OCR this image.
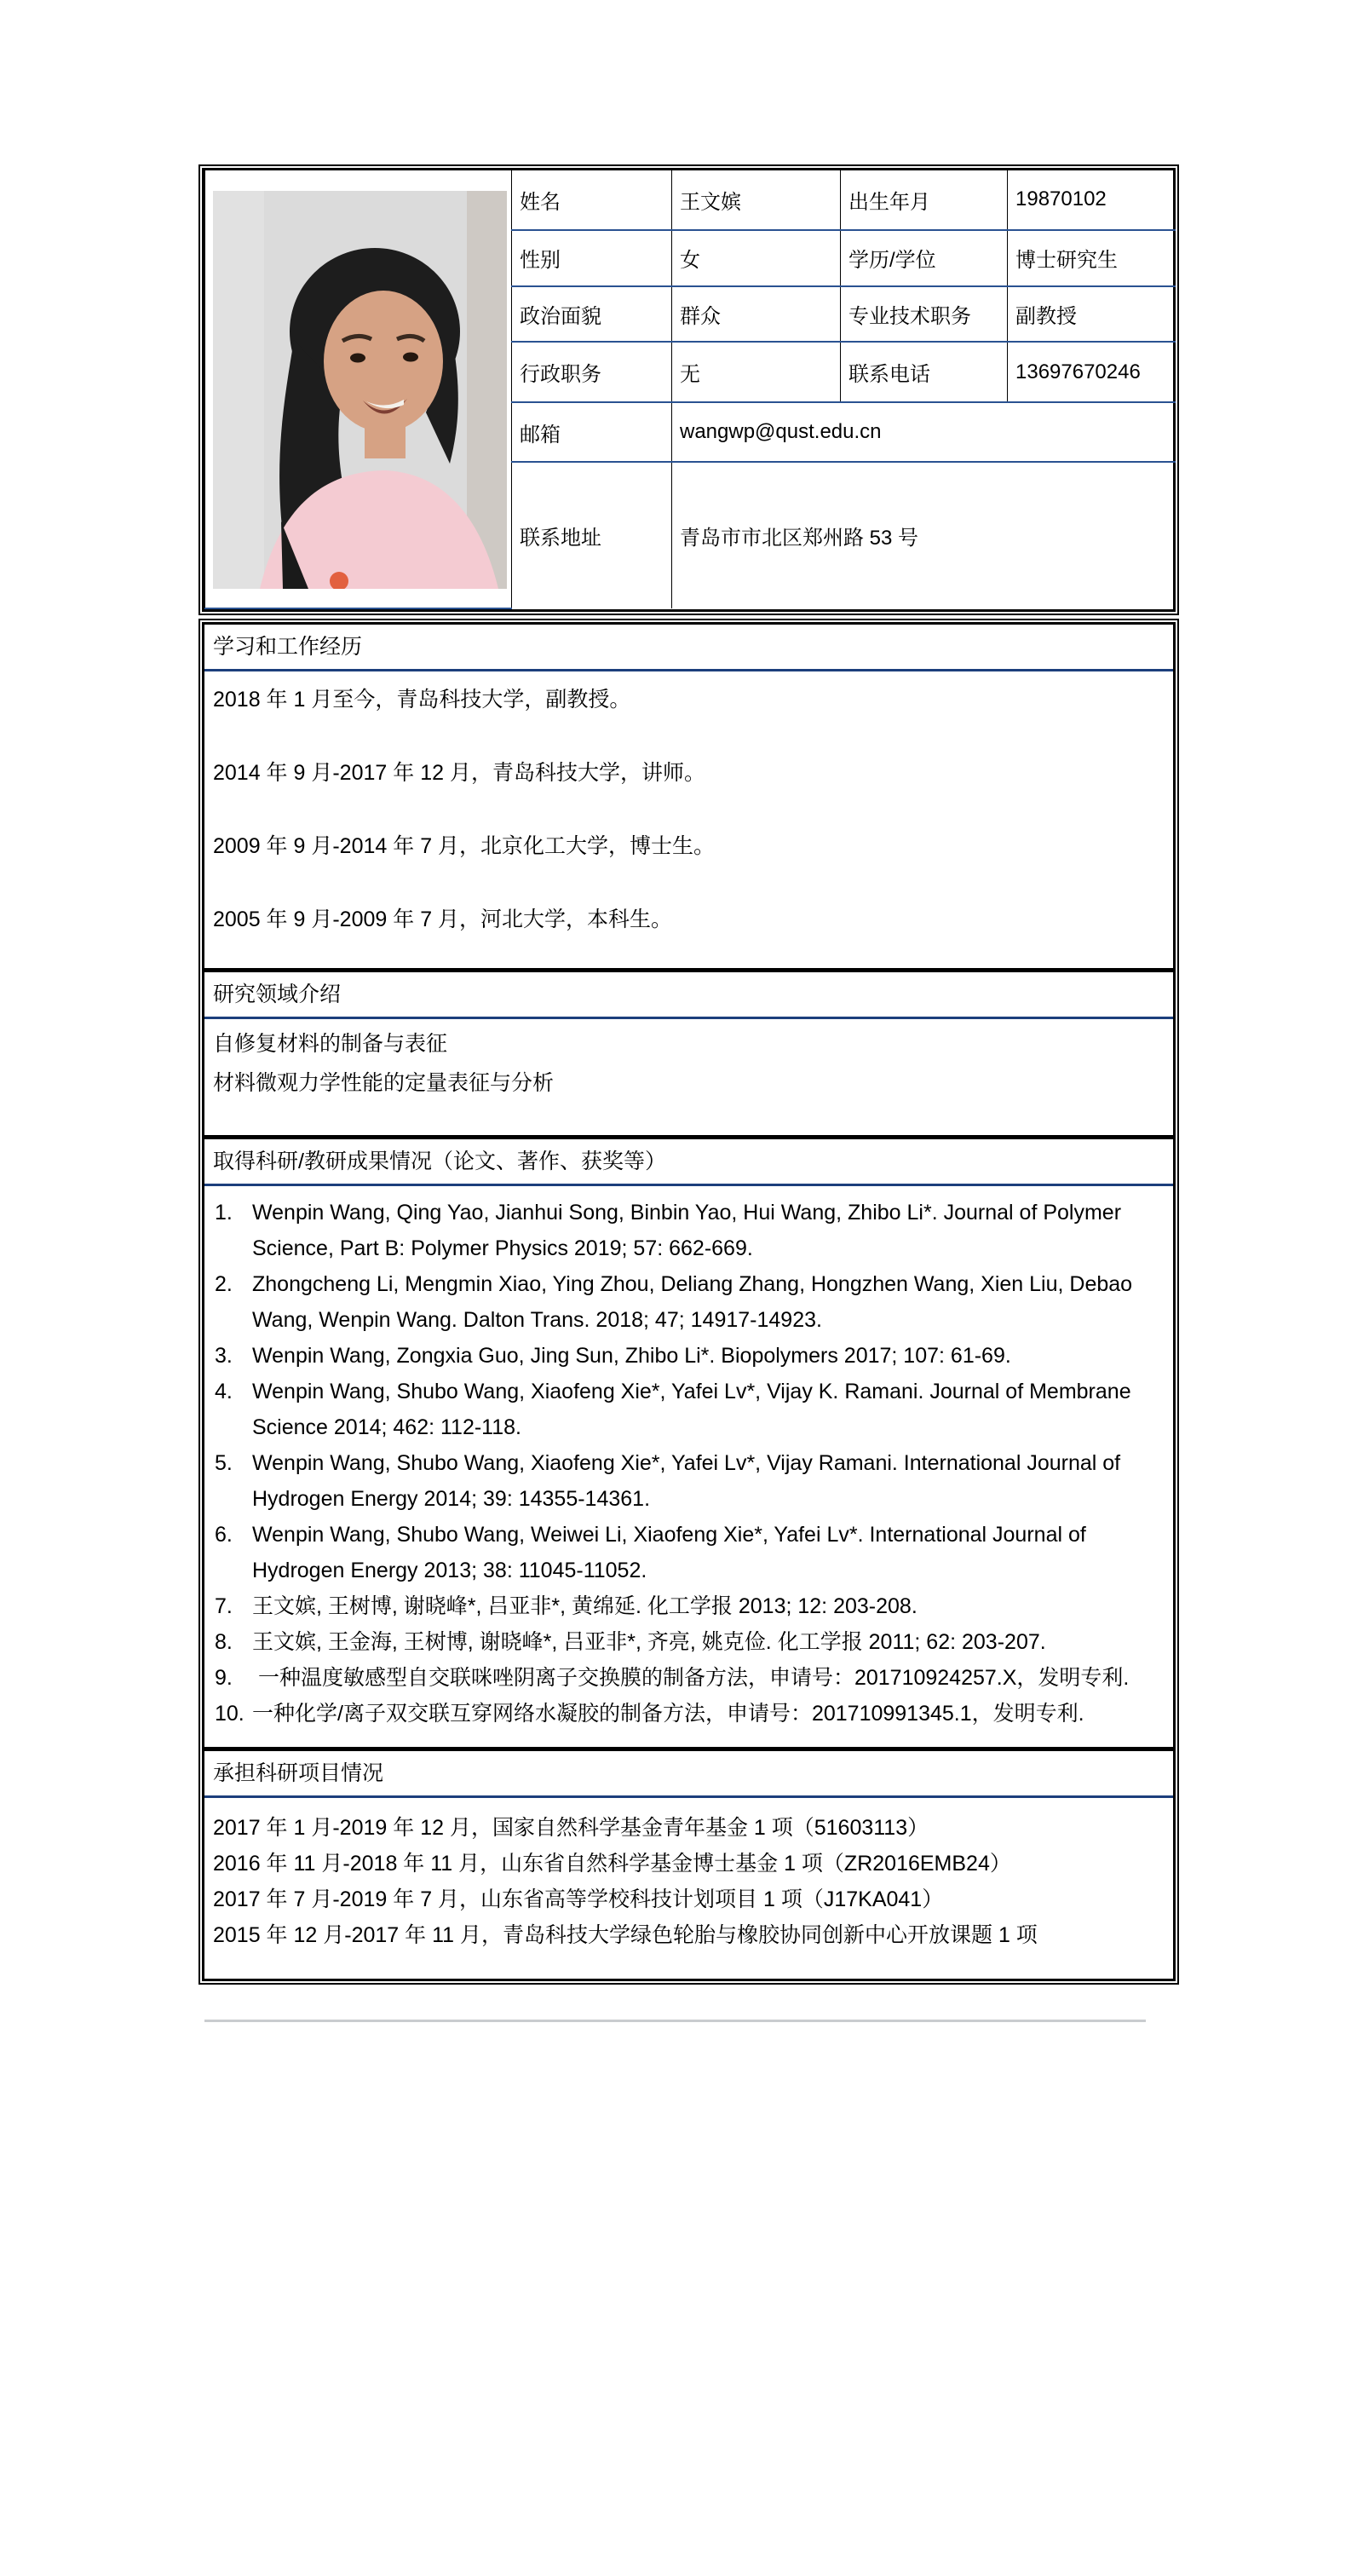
	姓名	王文嫔	出生年月	19870102
	性别	女	学历/学位	博士研究生
	政治面貌	群众	专业技术职务	副教授
	行政职务	无	联系电话	13697670246
	邮箱	wangwp@qust.edu.cn		
	联系地址	青岛市市北区郑州路 53 号		
学习和工作经历

2018 年 1 月至今，青岛科技大学，副教授。

2014 年 9 月-2017 年 12 月，青岛科技大学，讲师。

2009 年 9 月-2014 年 7 月，北京化工大学，博士生。

2005 年 9 月-2009 年 7 月，河北大学，本科生。

研究领域介绍

自修复材料的制备与表征

材料微观力学性能的定量表征与分析

取得科研/教研成果情况（论文、著作、获奖等）
1. Wenpin Wang, Qing Yao, Jianhui Song, Binbin Yao, Hui Wang, Zhibo Li*. Journal of Polymer Science, Part B: Polymer Physics 2019; 57: 662-669.
2. Zhongcheng Li, Mengmin Xiao, Ying Zhou, Deliang Zhang, Hongzhen Wang, Xien Liu, Debao Wang, Wenpin Wang. Dalton Trans. 2018; 47; 14917-14923.
3. Wenpin Wang, Zongxia Guo, Jing Sun, Zhibo Li*. Biopolymers 2017; 107: 61-69.
4. Wenpin Wang, Shubo Wang, Xiaofeng Xie*, Yafei Lv*, Vijay K. Ramani. Journal of Membrane Science 2014; 462: 112-118.
5. Wenpin Wang, Shubo Wang, Xiaofeng Xie*, Yafei Lv*, Vijay Ramani. International Journal of Hydrogen Energy 2014; 39: 14355-14361.
6. Wenpin Wang, Shubo Wang, Weiwei Li, Xiaofeng Xie*, Yafei Lv*. International Journal of Hydrogen Energy 2013; 38: 11045-11052.
7. 王文嫔, 王树博, 谢晓峰*, 吕亚非*, 黄绵延. 化工学报 2013; 12: 203-208.
8. 王文嫔, 王金海, 王树博, 谢晓峰*, 吕亚非*, 齐亮, 姚克俭. 化工学报 2011; 62: 203-207.
9. 一种温度敏感型自交联咪唑阴离子交换膜的制备方法，申请号：201710924257.X，发明专利.
10. 一种化学/离子双交联互穿网络水凝胶的制备方法，申请号：201710991345.1，发明专利.
承担科研项目情况

2017 年 1 月-2019 年 12 月，国家自然科学基金青年基金 1 项（51603113）

2016 年 11 月-2018 年 11 月，山东省自然科学基金博士基金 1 项（ZR2016EMB24）

2017 年 7 月-2019 年 7 月，山东省高等学校科技计划项目 1 项（J17KA041）

2015 年 12 月-2017 年 11 月，青岛科技大学绿色轮胎与橡胶协同创新中心开放课题 1 项
